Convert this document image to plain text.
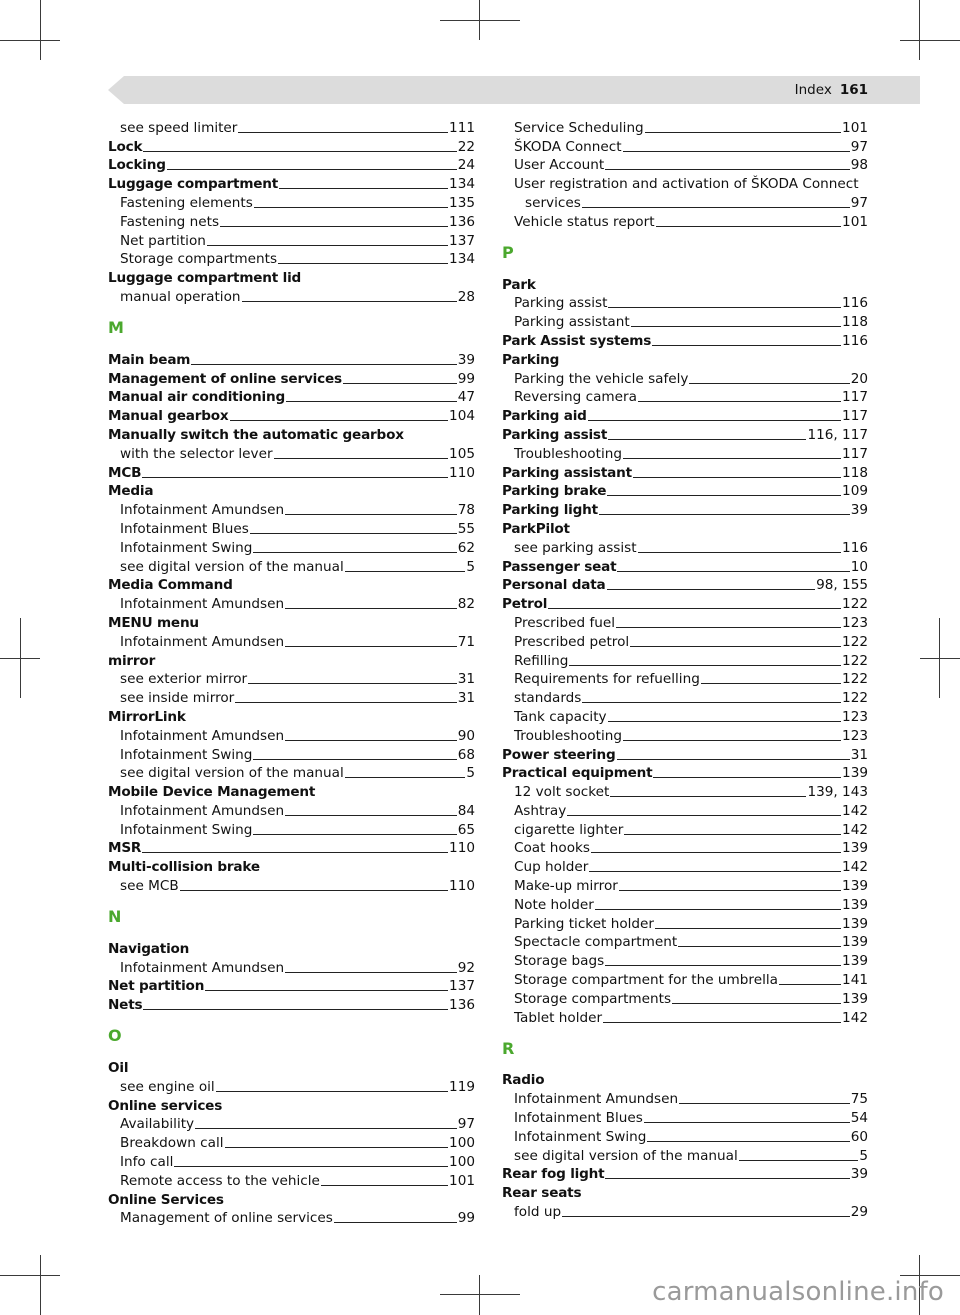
Index 161
see speed limiter	111
Lock	22
Locking	24
Luggage compartment	134
Fastening elements	135
Fastening nets	136
Net partition	137
Storage compartments	134
Luggage compartment lid
manual operation	28
M
Main beam	39
Management of online services	99
Manual air conditioning	47
Manual gearbox	104
Manually switch the automatic gearbox
with the selector lever	105
MCB	110
Media
Infotainment Amundsen	78
Infotainment Blues	55
Infotainment Swing	62
see digital version of the manual	5
Media Command
Infotainment Amundsen	82
MENU menu
Infotainment Amundsen	71
mirror
see exterior mirror	31
see inside mirror	31
MirrorLink
Infotainment Amundsen	90
Infotainment Swing	68
see digital version of the manual	5
Mobile Device Management
Infotainment Amundsen	84
Infotainment Swing	65
MSR	110
Multi-collision brake
see MCB	110
N
Navigation
Infotainment Amundsen	92
Net partition	137
Nets	136
O
Oil
see engine oil	119
Online services
Availability	97
Breakdown call	100
Info call	100
Remote access to the vehicle	101
Online Services
Management of online services	99
Service Scheduling	101
ŠKODA Connect	97
User Account	98
User registration and activation of ŠKODA Connect
services	97
Vehicle status report	101
P
Park
Parking assist	116
Parking assistant	118
Park Assist systems	116
Parking
Parking the vehicle safely	20
Reversing camera	117
Parking aid	117
Parking assist	116, 117
Troubleshooting	117
Parking assistant	118
Parking brake	109
Parking light	39
ParkPilot
see parking assist	116
Passenger seat	10
Personal data	98, 155
Petrol	122
Prescribed fuel	123
Prescribed petrol	122
Refilling	122
Requirements for refuelling	122
standards	122
Tank capacity	123
Troubleshooting	123
Power steering	31
Practical equipment	139
12 volt socket	139, 143
Ashtray	142
cigarette lighter	142
Coat hooks	139
Cup holder	142
Make-up mirror	139
Note holder	139
Parking ticket holder	139
Spectacle compartment	139
Storage bags	139
Storage compartment for the umbrella	141
Storage compartments	139
Tablet holder	142
R
Radio
Infotainment Amundsen	75
Infotainment Blues	54
Infotainment Swing	60
see digital version of the manual	5
Rear fog light	39
Rear seats
fold up	29
carmanualsonline.info
